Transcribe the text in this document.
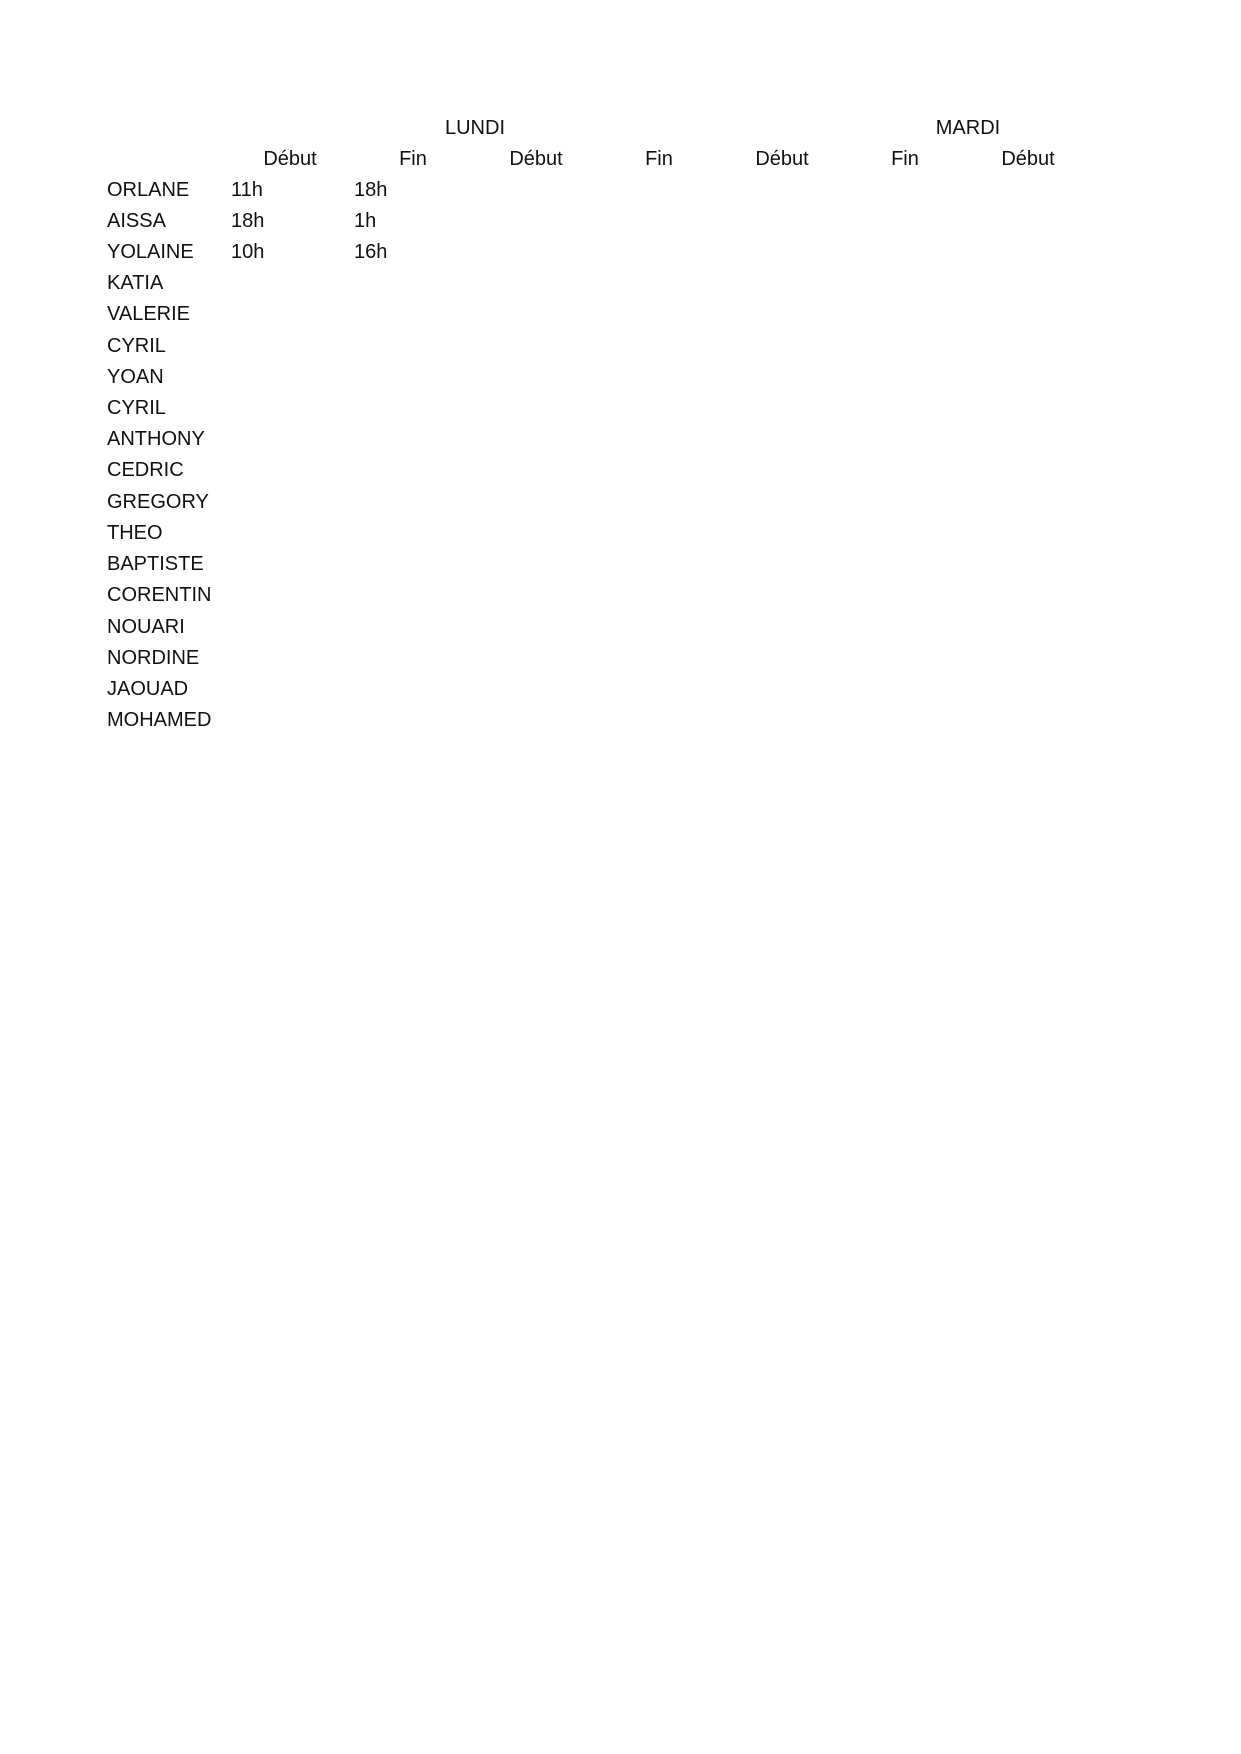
LUNDI	MARDI
Début	Fin	Début	Fin	Début	Fin	Début
ORLANE	11h	18h
AISSA	18h	1h
YOLAINE	10h	16h
KATIA
VALERIE
CYRIL
YOAN
CYRIL
ANTHONY
CEDRIC
GREGORY
THEO
BAPTISTE
CORENTIN
NOUARI
NORDINE
JAOUAD
MOHAMED
